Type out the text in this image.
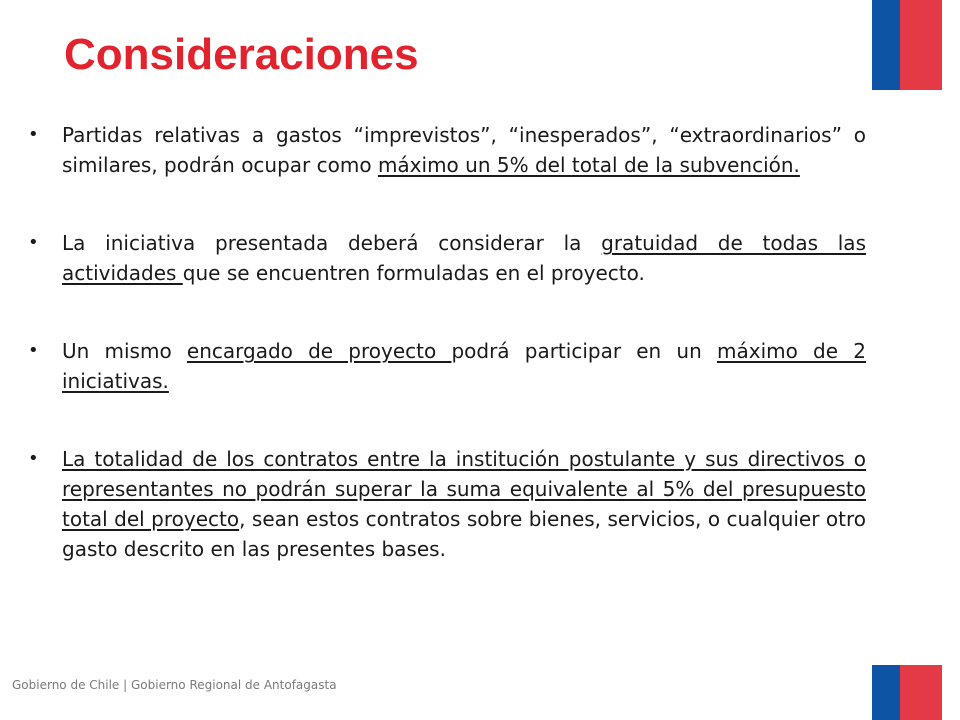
Consideraciones
• Partidas relativas a gastos “imprevistos”, “inesperados”, “extraordinarios” o similares, podrán ocupar como máximo un 5% del total de la subvención.
• La iniciativa presentada deberá considerar la gratuidad de todas las actividades que se encuentren formuladas en el proyecto.
• Un mismo encargado de proyecto podrá participar en un máximo de 2 iniciativas.
• La totalidad de los contratos entre la institución postulante y sus directivos o representantes no podrán superar la suma equivalente al 5% del presupuesto total del proyecto, sean estos contratos sobre bienes, servicios, o cualquier otro gasto descrito en las presentes bases.
Gobierno de Chile | Gobierno Regional de Antofagasta
